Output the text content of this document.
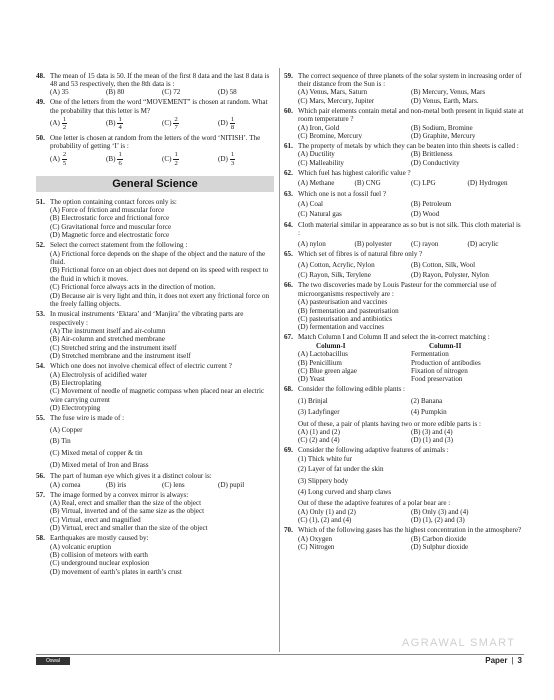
48. The mean of 15 data is 50. If the mean of the first 8 data and the last 8 data is 48 and 53 respectively, then the 8th data is :
(A) 35	(B) 80	(C) 72	(D) 58
49. One of the letters from the word “MOVEMENT” is chosen at random. What the probability that this letter is M?
$(A) \frac{1}{2}$	$(B) \frac{1}{4}$	$(C) \frac{2}{7}$	$(D) \frac{1}{8}$
50. One letter is chosen at random from the letters of the word ‘NITISH’. The probability of getting ‘I’ is :
$(A) \frac{2}{5}$	$(B) \frac{1}{6}$	$(C) \frac{1}{2}$	$(D) \frac{1}{3}$
General Science
51. The option containing contact forces only is:
(A) Force of friction and muscular force
(B) Electrostatic force and frictional force
(C) Gravitational force and muscular force
(D) Magnetic force and electrostatic force
52. Select the correct statement from the following :
(A) Frictional force depends on the shape of the object and the nature of the fluid.
(B) Frictional force on an object does not depend on its speed with respect to the fluid in which it moves.
(C) Frictional force always acts in the direction of motion.
(D) Because air is very light and thin, it does not exert any frictional force on the freely falling objects.
53. In musical instruments ‘Ektara’ and ‘Manjira’ the vibrating parts are respectively :
(A) The instrument itself and air-column
(B) Air-column and stretched membrane
(C) Stretched string and the instrument itself
(D) Stretched membrane and the instrument itself
54. Which one does not involve chemical effect of electric current ?
(A) Electrolysis of acidified water
(B) Electroplating
(C) Movement of needle of magnetic compass when placed near an electric wire carrying current
(D) Electrotyping
55. The fuse wire is made of :
(A) Copper
(B) Tin
(C) Mixed metal of copper & tin
(D) Mixed metal of Iron and Brass
56. The part of human eye which gives it a distinct colour is:
(A) cornea	(B) iris	(C) lens	(D) pupil
57. The image formed by a convex mirror is always:
(A) Real, erect and smaller than the size of the object
(B) Virtual, inverted and of the same size as the object
(C) Virtual, erect and magnified
(D) Virtual, erect and smaller than the size of the object
58. Earthquakes are mostly caused by:
(A) volcanic eruption
(B) collision of meteors with earth
(C) underground nuclear explosion
(D) movement of earth’s plates in earth’s crust
59. The correct sequence of three planets of the solar system in increasing order of their distance from the Sun is :
(A) Venus, Mars, Saturn	(B) Mercury, Venus, Mars
(C) Mars, Mercury, Jupiter	(D) Venus, Earth, Mars.
60. Which pair elements contain metal and non-metal both present in liquid state at room temperature ?
(A) Iron, Gold	(B) Sodium, Bromine
(C) Bromine, Mercury	(D) Graphite, Mercury
61. The property of metals by which they can be beaten into thin sheets is called :
(A) Ductility	(B) Brittleness
(C) Malleability	(D) Conductivity
62. Which fuel has highest calorific value ?
(A) Methane	(B) CNG	(C) LPG	(D) Hydrogen
63. Which one is not a fossil fuel ?
(A) Coal	(B) Petroleum
(C) Natural gas	(D) Wood
64. Cloth material similar in appearance as so but is not silk. This cloth material is :
(A) nylon	(B) polyester	(C) rayon	(D) acrylic
65. Which set of fibres is of natural fibre only ?
(A) Cotton, Acrylic, Nylon	(B) Cotton, Silk, Wool
(C) Rayon, Silk, Terylene	(D) Rayon, Polyster, Nylon
66. The two discoveries made by Louis Pasteur for the commercial use of microorganisms respectively are :
(A) pasteurisation and vaccines
(B) fermentation and pasteurisation
(C) pasteurisation and antibiotics
(D) fermentation and vaccines
67. Match Column I and Column II and select the in-correct matching :
Column-I	Column-II
(A) Lactobacillus	Fermentation
(B) Penicillium	Production of antibodies
(C) Blue green algae	Fixation of nitrogen
(D) Yeast	Food preservation
68. Consider the following edible plants :
(1) Brinjal	(2) Banana
(3) Ladyfinger	(4) Pumpkin
Out of these, a pair of plants having two or more edible parts is :
(A) (1) and (2)	(B) (3) and (4)
(C) (2) and (4)	(D) (1) and (3)
69. Consider the following adaptive features of animals :
(1) Thick white fur
(2) Layer of fat under the skin
(3) Slippery body
(4) Long curved and sharp claws
Out of these the adaptive features of a polar bear are :
(A) Only (1) and (2)	(B) Only (3) and (4)
(C) (1), (2) and (4)	(D) (1), (2) and (3)
70. Which of the following gases has the highest concentration in the atmosphere?
(A) Oxygen	(B) Carbon dioxide
(C) Nitrogen	(D) Sulphur dioxide
AGRAWAL SMART
Oswal Publishers
Paper | 3
